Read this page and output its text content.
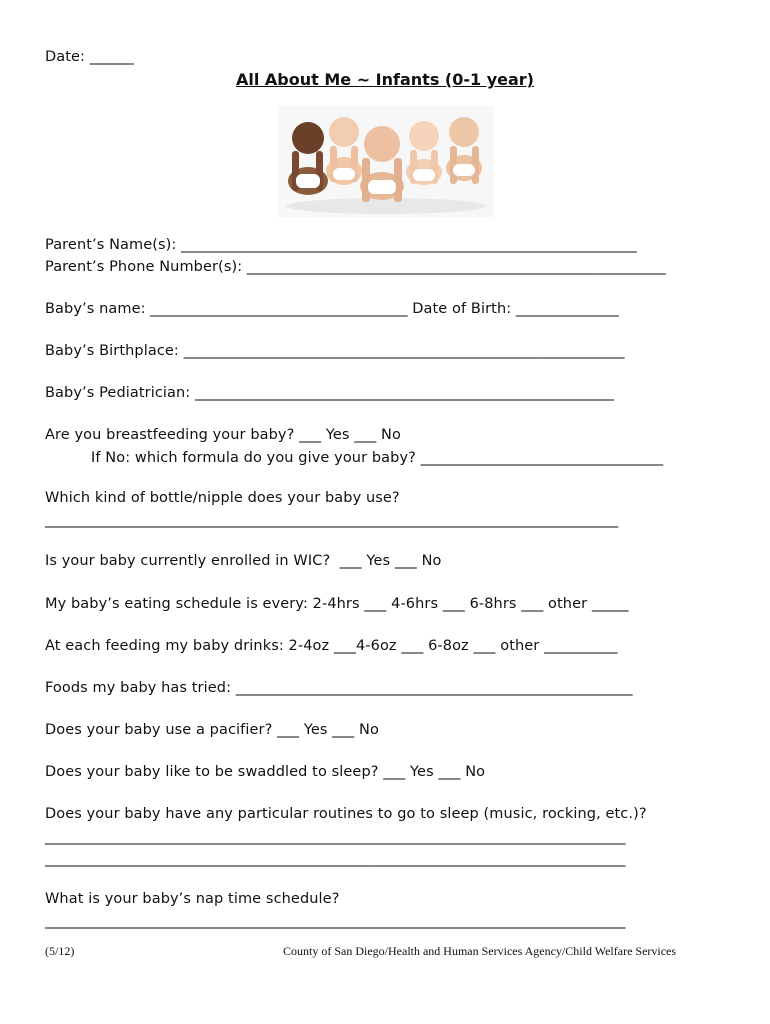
Date: ______
All About Me ~ Infants (0-1 year)
Parent’s Name(s): ______________________________________________________________
Parent’s Phone Number(s): _________________________________________________________
Baby’s name: ___________________________________ Date of Birth: ______________
Baby’s Birthplace: ____________________________________________________________
Baby’s Pediatrician: _________________________________________________________
Are you breastfeeding your baby? ___ Yes ___ No
If No: which formula do you give your baby? _________________________________
Which kind of bottle/nipple does your baby use?
______________________________________________________________________________
Is your baby currently enrolled in WIC?  ___ Yes ___ No
My baby’s eating schedule is every: 2-4hrs ___ 4-6hrs ___ 6-8hrs ___ other _____
At each feeding my baby drinks: 2-4oz ___4-6oz ___ 6-8oz ___ other __________
Foods my baby has tried: ______________________________________________________
Does your baby use a pacifier? ___ Yes ___ No
Does your baby like to be swaddled to sleep? ___ Yes ___ No
Does your baby have any particular routines to go to sleep (music, rocking, etc.)?
_______________________________________________________________________________
_______________________________________________________________________________
What is your baby’s nap time schedule?
_______________________________________________________________________________
(5/12)	County of San Diego/Health and Human Services Agency/Child Welfare Services
